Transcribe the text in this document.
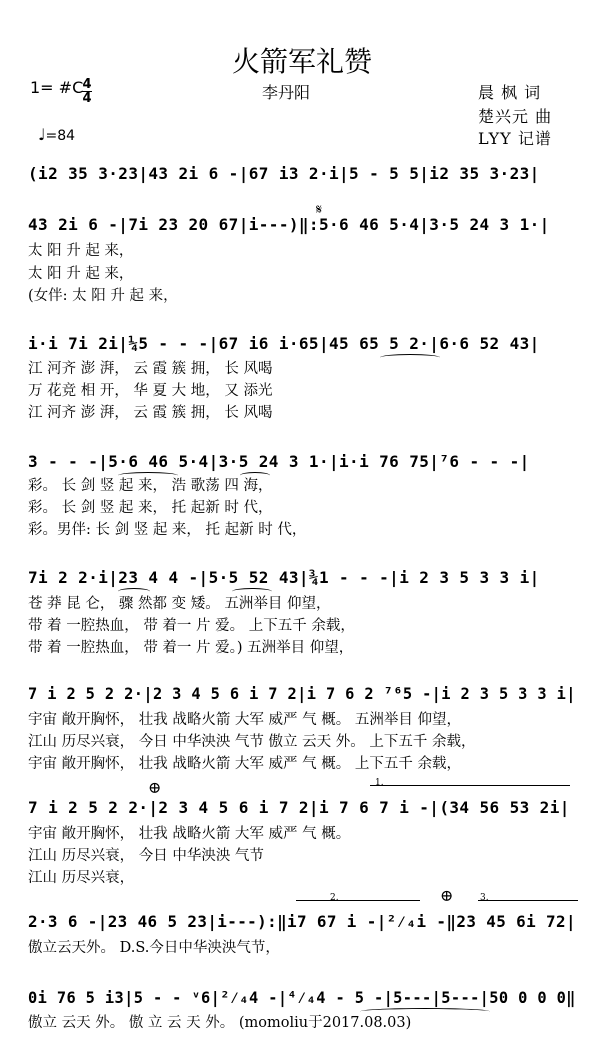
火箭军礼赞
1= #C 4
4	李丹阳	晨 枫 词
楚兴元 曲
LYY 记谱
♩=84
(i2 35 3·23|43 2i 6 -|67 i3 2·i|5 - 5 5|i2 35 3·23|
43 2i 6 -|7i 23 20 67|i---)‖:5·6 46 5·4|3·5 24 3 1·|
太 阳 升 起 来，
太 阳 升 起 来，
(女伴: 太 阳 升 起 来，
i·i 7i 2i|¼5 - - -|67 i6 i·65|45 65 5 2·|6·6 52 43|
江 河齐 澎 湃， 云 霞 簇 拥， 长 风喝
万 花竞 相 开， 华 夏 大 地， 又 添光
江 河齐 澎 湃， 云 霞 簇 拥， 长 风喝
3 - - -|5·6 46 5·4|3·5 24 3 1·|i·i 76 75|⁷6 - - -|
彩。 长 剑 竖 起 来， 浩 歌荡 四 海，
彩。 长 剑 竖 起 来， 托 起新 时 代，
彩。男伴: 长 剑 竖 起 来， 托 起新 时 代，
7i 2 2·i|23 4 4 -|5·5 52 43|¾1 - - -|i 2 3 5 3 3 i|
苍 莽 昆 仑， 骤 然都 变 矮。 五洲举目 仰望，
带 着 一腔热血， 带 着一 片 爱。 上下五千 余载，
带 着 一腔热血， 带 着一 片 爱。) 五洲举目 仰望，
7 i 2 5 2 2·|2 3 4 5 6 i 7 2|i 7 6 2 ⁷⁶5 -|i 2 3 5 3 3 i|
宇宙 敞开胸怀， 壮我 战略火箭 大军 威严 气 概。 五洲举目 仰望，
江山 历尽兴衰， 今日 中华泱泱 气节 傲立 云天 外。 上下五千 余载，
宇宙 敞开胸怀， 壮我 战略火箭 大军 威严 气 概。 上下五千 余载，
⊕	1.
7 i 2 5 2 2·|2 3 4 5 6 i 7 2|i 7 6 7 i -|(34 56 53 2i|
宇宙 敞开胸怀， 壮我 战略火箭 大军 威严 气 概。
江山 历尽兴衰， 今日 中华泱泱 气节
江山 历尽兴衰，
2.	⊕	3.
2·3 6 -|23 46 5 23|i---):‖i7 67 i -|²⁄₄i -‖23 45 6i 72|
傲立云天外。 D.S.今日中华泱泱气节，
0i 76 5 i3|5 - - ᵛ6|²⁄₄4 -|⁴⁄₄4 - 5 -|5---|5---|50 0 0 0‖
傲立 云天 外。 傲 立 云 天 外。 (momoliu于2017.08.03)
𝄋
